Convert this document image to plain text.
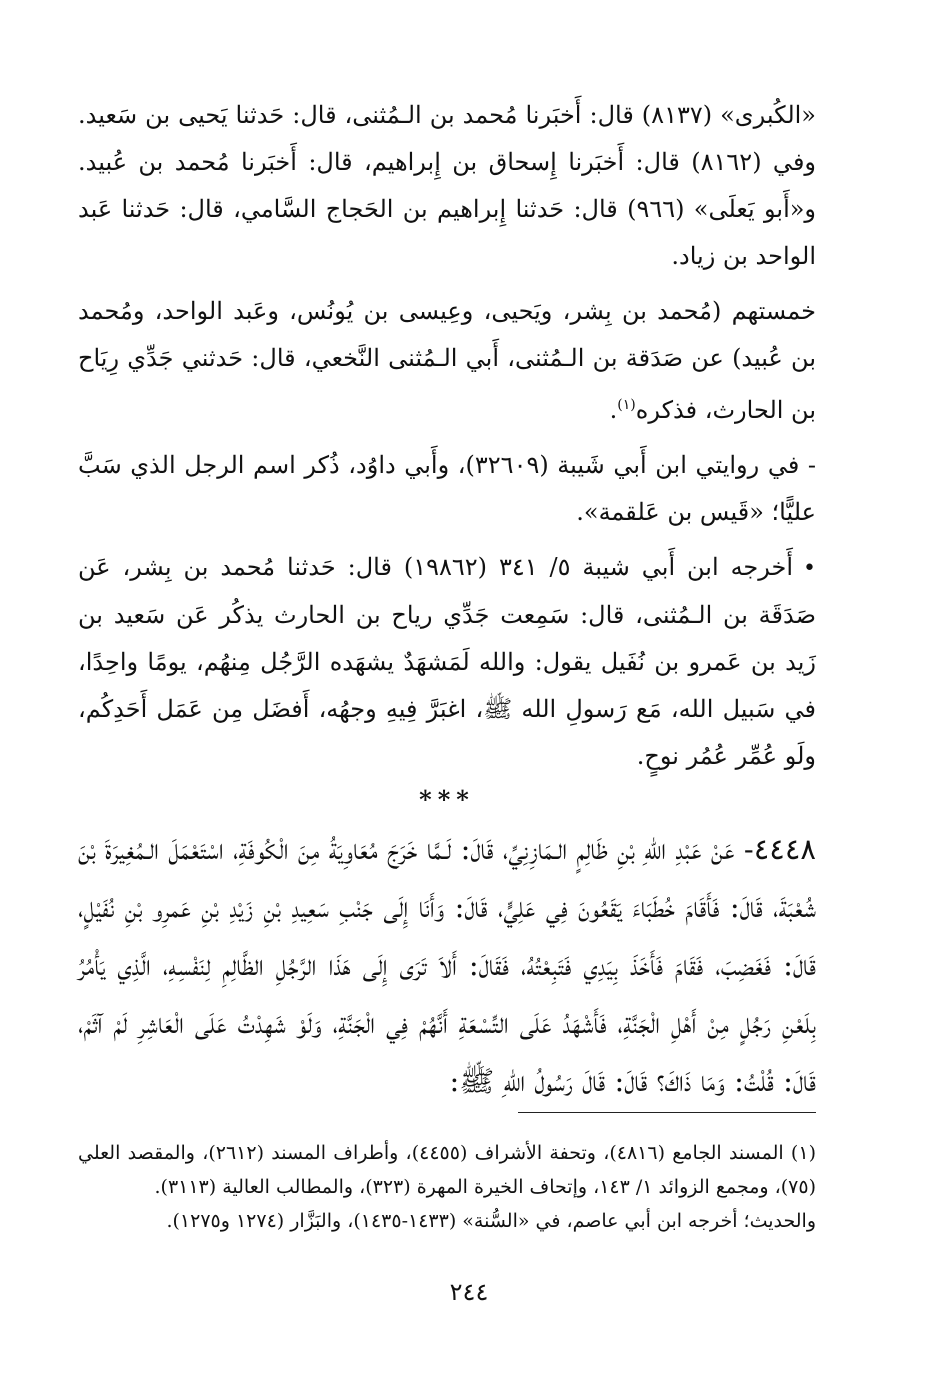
«الكُبرى» (٨١٣٧) قال: أَخبَرنا مُحمد بن الـمُثنى، قال: حَدثنا يَحيى بن سَعيد. وفي (٨١٦٢) قال: أَخبَرنا إِسحاق بن إِبراهيم، قال: أَخبَرنا مُحمد بن عُبيد. و«أَبو يَعلَى» (٩٦٦) قال: حَدثنا إِبراهيم بن الحَجاج السَّامي، قال: حَدثنا عَبد الواحد بن زياد.

خمستهم (مُحمد بن بِشر، ويَحيى، وعِيسى بن يُونُس، وعَبد الواحد، ومُحمد بن عُبيد) عن صَدَقة بن الـمُثنى، أَبي الـمُثنى النَّخعي، قال: حَدثني جَدِّي رِيَاح بن الحارث، فذكره$^{(١)}$.

- في روايتي ابن أَبي شَيبة (٣٢٦٠٩)، وأَبي داوُد، ذُكر اسم الرجل الذي سَبَّ عليًّا؛ «قَيس بن عَلقمة».

•أَخرجه ابن أَبي شيبة ٥/ ٣٤١ (١٩٨٦٢) قال: حَدثنا مُحمد بن بِشر، عَن صَدَقَة بن الـمُثنى، قال: سَمِعت جَدِّي رياح بن الحارث يذكُر عَن سَعيد بن زَيد بن عَمرو بن نُفَيل يقول: والله لَمَشهَدٌ يشهَده الرَّجُل مِنهُم، يومًا واحِدًا، في سَبيل الله، مَع رَسولِ الله ﷺ، اغبَرَّ فِيهِ وجهُه، أَفضَل مِن عَمَل أَحَدِكُم، ولَو عُمِّر عُمُر نوحٍ.

***

٤٤٤٨- عَنْ عَبْدِ اللهِ بْنِ ظَالِمٍ الـمَازِنِيِّ، قَالَ: لَـمَّا خَرَجَ مُعَاوِيَةُ مِنَ الْكُوفَةِ، اسْتَعْمَلَ الـمُغِيرَةَ بْنَ شُعْبَةَ، قَالَ: فَأَقَامَ خُطَبَاءَ يَقَعُونَ فِي عَلِيٍّ، قَالَ: وَأَنَا إِلَى جَنْبِ سَعِيدِ بْنِ زَيْدِ بْنِ عَمرِو بْنِ نُفَيْلٍ، قَالَ: فَغَضِبَ، فَقَامَ فَأَخَذَ بِيَدِي فَتَبِعْتُهُ، فَقَالَ: أَلاَ تَرَى إِلَى هَذَا الرَّجُلِ الظَّالِمِ لِنَفْسِهِ، الَّذِي يَأْمُرُ بِلَعْنِ رَجُلٍ مِنْ أَهْلِ الْجَنَّةِ، فَأَشْهَدُ عَلَى التِّسْعَةِ أَنَّهُمْ فِي الْجَنَّةِ، وَلَوْ شَهِدْتُ عَلَى الْعَاشِرِ لَمْ آثَمْ، قَالَ: قُلْتُ: وَمَا ذَاكَ؟ قَالَ: قَالَ رَسُولُ اللهِ ﷺ:

(١) المسند الجامع (٤٨١٦)، وتحفة الأشراف (٤٤٥٥)، وأطراف المسند (٢٦١٢)، والمقصد العلي (٧٥)، ومجمع الزوائد ١/ ١٤٣، وإتحاف الخيرة المهرة (٣٢٣)، والمطالب العالية (٣١١٣).

والحديث؛ أخرجه ابن أبي عاصم، في «السُّنة» (١٤٣٣-١٤٣٥)، والبَزَّار (١٢٧٤ و١٢٧٥).

٢٤٤
